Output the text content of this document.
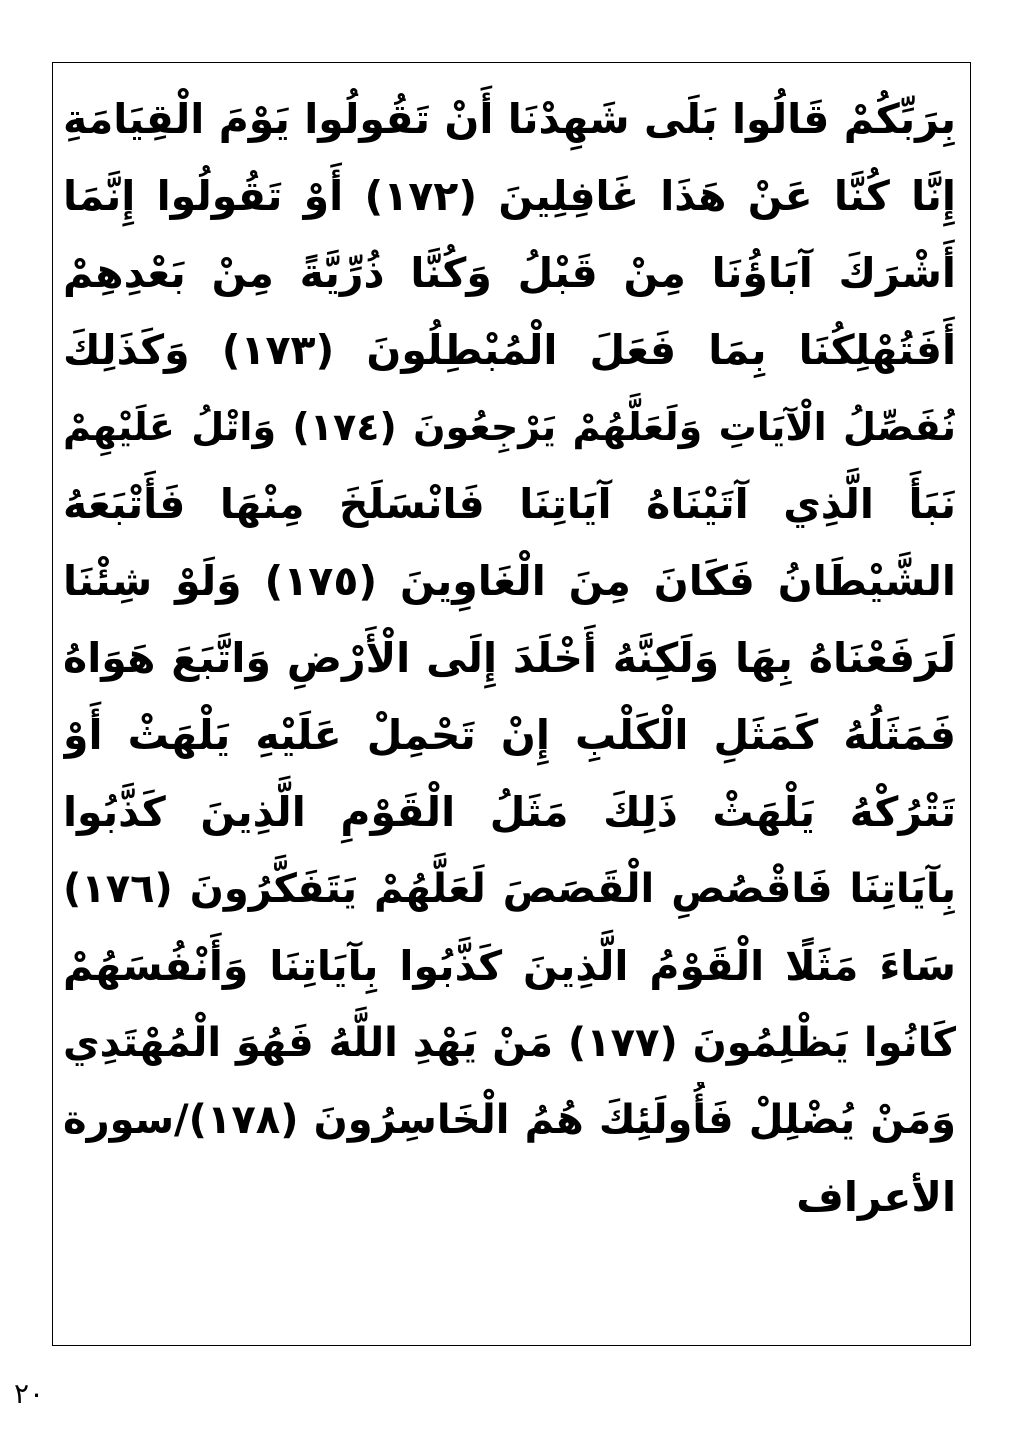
بِرَبِّكُمْ قَالُوا بَلَى شَهِدْنَا أَنْ تَقُولُوا يَوْمَ الْقِيَامَةِ
إِنَّا كُنَّا عَنْ هَذَا غَافِلِينَ (١٧٢) أَوْ تَقُولُوا إِنَّمَا
أَشْرَكَ آبَاؤُنَا مِنْ قَبْلُ وَكُنَّا ذُرِّيَّةً مِنْ بَعْدِهِمْ
أَفَتُهْلِكُنَا بِمَا فَعَلَ الْمُبْطِلُونَ (١٧٣) وَكَذَلِكَ
نُفَصِّلُ الْآيَاتِ وَلَعَلَّهُمْ يَرْجِعُونَ (١٧٤) وَاتْلُ عَلَيْهِمْ
نَبَأَ الَّذِي آتَيْنَاهُ آيَاتِنَا فَانْسَلَخَ مِنْهَا فَأَتْبَعَهُ
الشَّيْطَانُ فَكَانَ مِنَ الْغَاوِينَ (١٧٥) وَلَوْ شِئْنَا
لَرَفَعْنَاهُ بِهَا وَلَكِنَّهُ أَخْلَدَ إِلَى الْأَرْضِ وَاتَّبَعَ هَوَاهُ
فَمَثَلُهُ كَمَثَلِ الْكَلْبِ إِنْ تَحْمِلْ عَلَيْهِ يَلْهَثْ أَوْ
تَتْرُكْهُ يَلْهَثْ ذَلِكَ مَثَلُ الْقَوْمِ الَّذِينَ كَذَّبُوا
بِآيَاتِنَا فَاقْصُصِ الْقَصَصَ لَعَلَّهُمْ يَتَفَكَّرُونَ (١٧٦)
سَاءَ مَثَلًا الْقَوْمُ الَّذِينَ كَذَّبُوا بِآيَاتِنَا وَأَنْفُسَهُمْ
كَانُوا يَظْلِمُونَ (١٧٧) مَنْ يَهْدِ اللَّهُ فَهُوَ الْمُهْتَدِي
وَمَنْ يُضْلِلْ فَأُولَئِكَ هُمُ الْخَاسِرُونَ (١٧٨)/سورة
الأعراف
٢٠
